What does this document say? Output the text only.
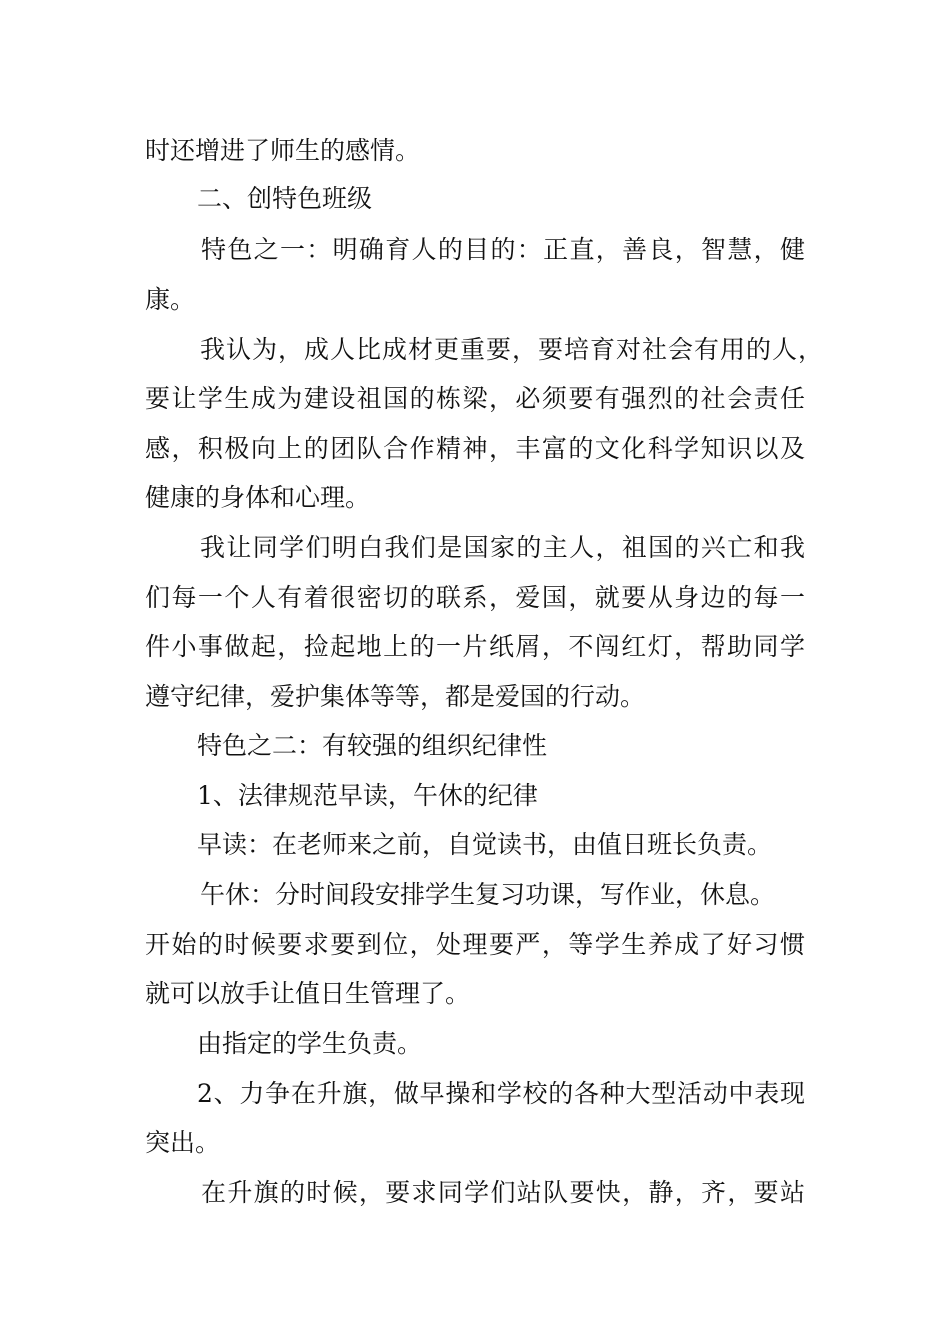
时还增进了师生的感情。
二、创特色班级
特色之一：明确育人的目的：正直，善良，智慧，健
康。
我认为，成人比成材更重要，要培育对社会有用的人，
要让学生成为建设祖国的栋梁，必须要有强烈的社会责任
感，积极向上的团队合作精神，丰富的文化科学知识以及
健康的身体和心理。
我让同学们明白我们是国家的主人，祖国的兴亡和我
们每一个人有着很密切的联系，爱国，就要从身边的每一
件小事做起，捡起地上的一片纸屑，不闯红灯，帮助同学
遵守纪律，爱护集体等等，都是爱国的行动。
特色之二：有较强的组织纪律性
1、法律规范早读，午休的纪律
早读：在老师来之前，自觉读书，由值日班长负责。
午休：分时间段安排学生复习功课，写作业，休息。
开始的时候要求要到位，处理要严，等学生养成了好习惯
就可以放手让值日生管理了。
由指定的学生负责。
2、力争在升旗，做早操和学校的各种大型活动中表现
突出。
在升旗的时候，要求同学们站队要快，静，齐，要站
